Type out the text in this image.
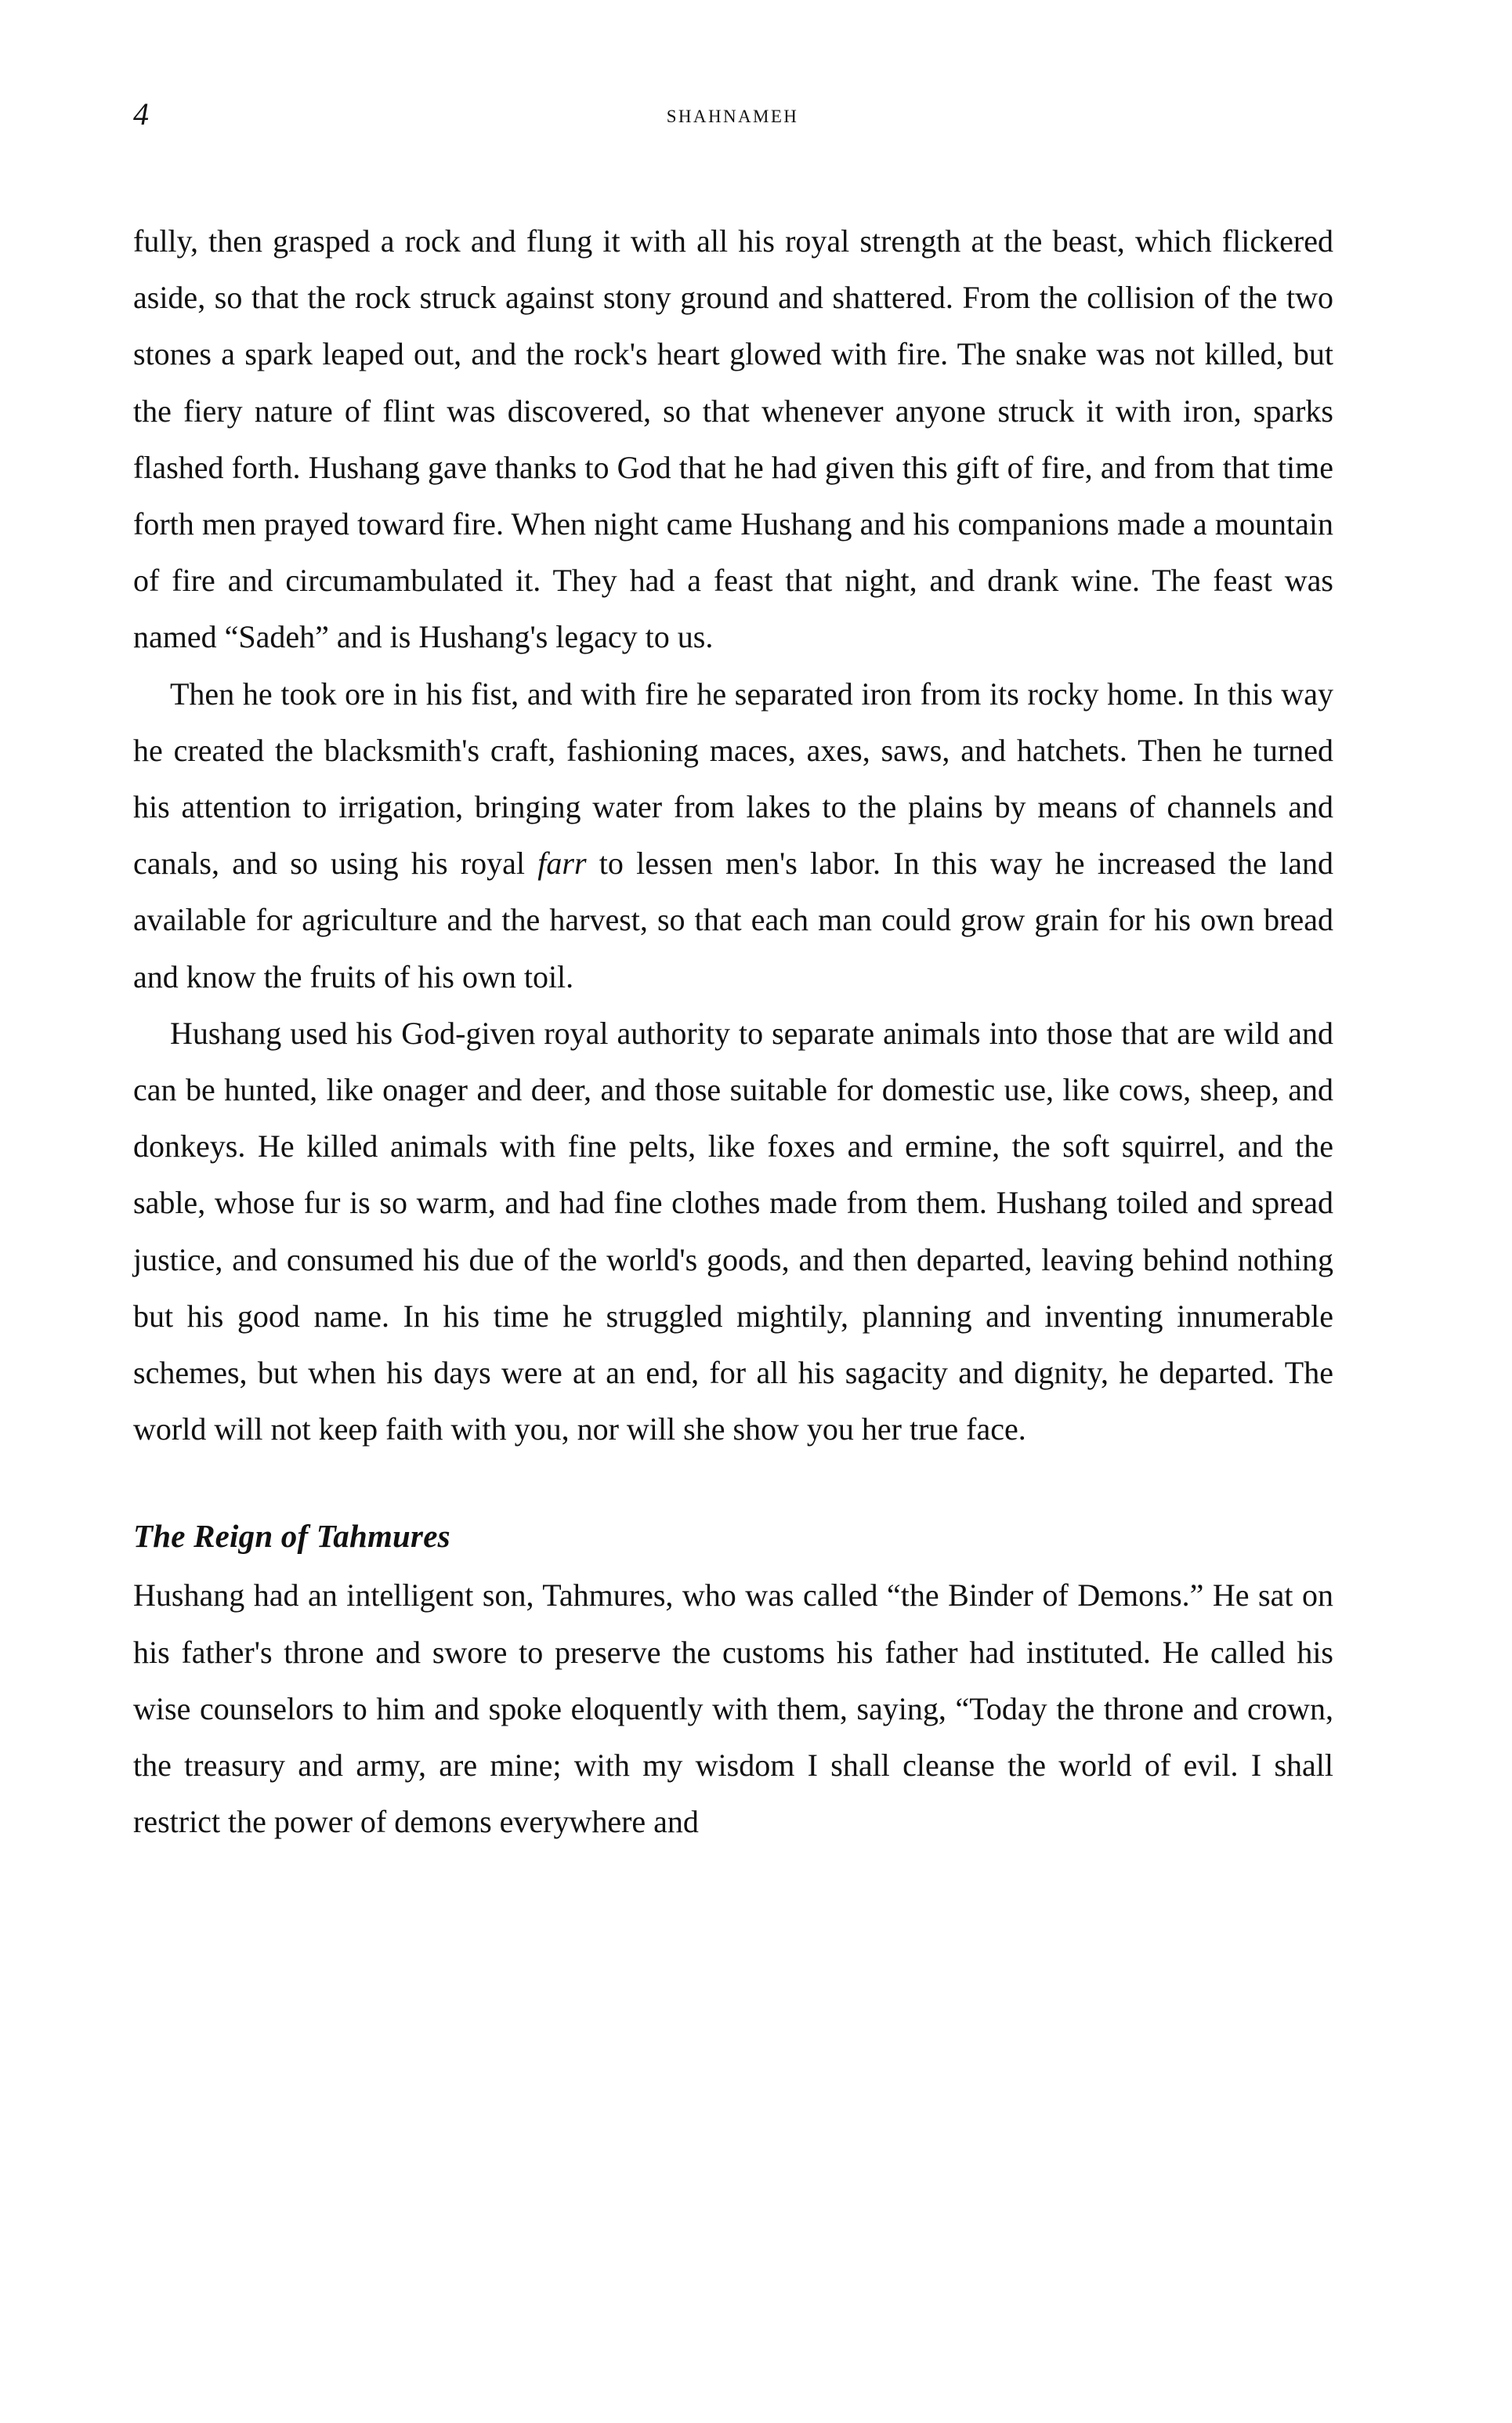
4	shahnameh

fully, then grasped a rock and flung it with all his royal strength at the beast, which flickered aside, so that the rock struck against stony ground and shattered. From the collision of the two stones a spark leaped out, and the rock's heart glowed with fire. The snake was not killed, but the fiery nature of flint was discovered, so that whenever anyone struck it with iron, sparks flashed forth. Hushang gave thanks to God that he had given this gift of fire, and from that time forth men prayed toward fire. When night came Hushang and his companions made a mountain of fire and circumambulated it. They had a feast that night, and drank wine. The feast was named “Sadeh” and is Hushang's legacy to us.

Then he took ore in his fist, and with fire he separated iron from its rocky home. In this way he created the blacksmith's craft, fashioning maces, axes, saws, and hatchets. Then he turned his attention to irrigation, bringing water from lakes to the plains by means of channels and canals, and so using his royal farr to lessen men's labor. In this way he increased the land available for agriculture and the harvest, so that each man could grow grain for his own bread and know the fruits of his own toil.

Hushang used his God-given royal authority to separate animals into those that are wild and can be hunted, like onager and deer, and those suitable for domestic use, like cows, sheep, and donkeys. He killed animals with fine pelts, like foxes and ermine, the soft squirrel, and the sable, whose fur is so warm, and had fine clothes made from them. Hushang toiled and spread justice, and consumed his due of the world's goods, and then departed, leaving behind nothing but his good name. In his time he struggled mightily, planning and inventing innumerable schemes, but when his days were at an end, for all his sagacity and dignity, he departed. The world will not keep faith with you, nor will she show you her true face.

The Reign of Tahmures

Hushang had an intelligent son, Tahmures, who was called “the Binder of Demons.” He sat on his father's throne and swore to preserve the customs his father had instituted. He called his wise counselors to him and spoke eloquently with them, saying, “Today the throne and crown, the treasury and army, are mine; with my wisdom I shall cleanse the world of evil. I shall restrict the power of demons everywhere and
